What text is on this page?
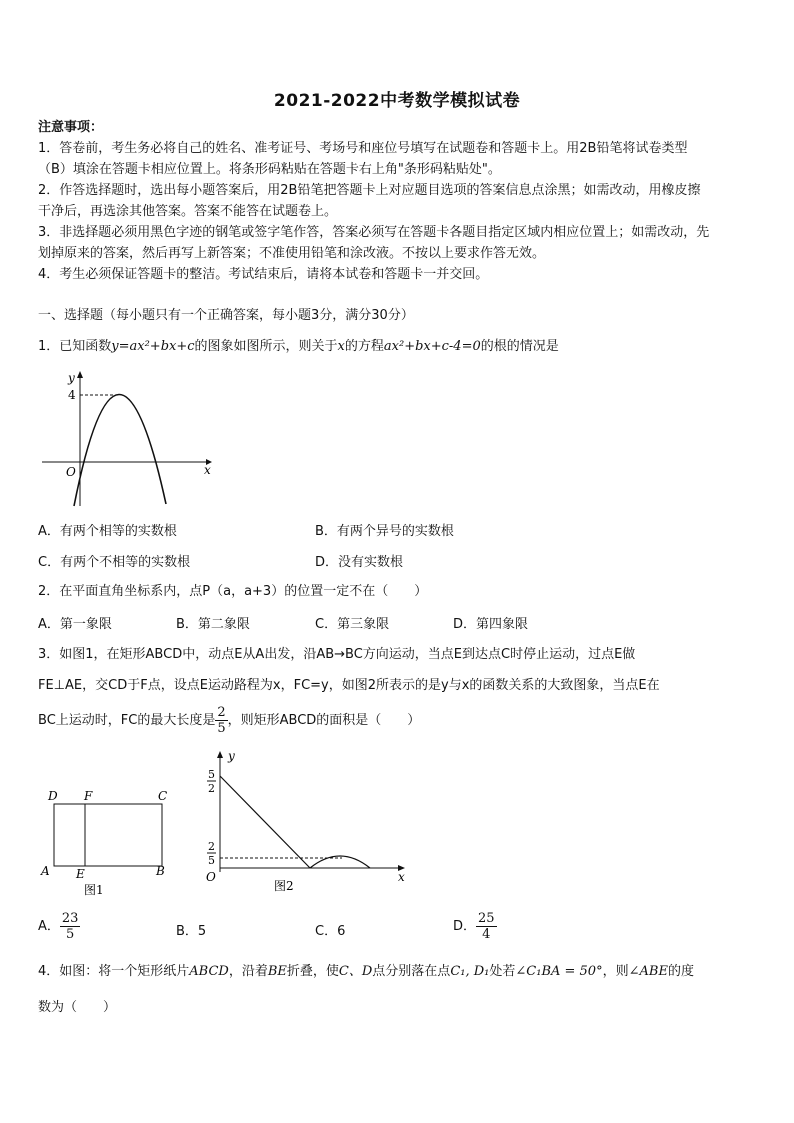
2021-2022中考数学模拟试卷
注意事项：
1．答卷前，考生务必将自己的姓名、准考证号、考场号和座位号填写在试题卷和答题卡上。用2B铅笔将试卷类型
（B）填涂在答题卡相应位置上。将条形码粘贴在答题卡右上角"条形码粘贴处"。
2．作答选择题时，选出每小题答案后，用2B铅笔把答题卡上对应题目选项的答案信息点涂黑；如需改动，用橡皮擦
干净后，再选涂其他答案。答案不能答在试题卷上。
3．非选择题必须用黑色字迹的钢笔或签字笔作答，答案必须写在答题卡各题目指定区域内相应位置上；如需改动，先
划掉原来的答案，然后再写上新答案；不准使用铅笔和涂改液。不按以上要求作答无效。
4．考生必须保证答题卡的整洁。考试结束后，请将本试卷和答题卡一并交回。
一、选择题（每小题只有一个正确答案，每小题3分，满分30分）
1．已知函数y=ax²+bx+c的图象如图所示，则关于x的方程ax²+bx+c-4=0的根的情况是
y
4
x
O
A．有两个相等的实数根	B．有两个异号的实数根
C．有两个不相等的实数根	D．没有实数根
2．在平面直角坐标系内，点P（a，a+3）的位置一定不在（　　）
A．第一象限	B．第二象限	C．第三象限	D．第四象限
3．如图1，在矩形ABCD中，动点E从A出发，沿AB→BC方向运动，当点E到达点C时停止运动，过点E做
FE⊥AE，交CD于F点，设点E运动路程为x，FC=y，如图2所表示的是y与x的函数关系的大致图象，当点E在
BC上运动时，FC的最大长度是 $\frac{2}{5}$ ，则矩形ABCD的面积是（　　）
D F	C
A E	B
图1
y
5
2
2
5
O	x
图2
A． $\frac{23}{5}$	B．5	C．6	D． $\frac{25}{4}$
4．如图：将一个矩形纸片ABCD，沿着BE折叠，使C、D点分别落在点C₁, D₁处若∠C₁BA = 50°，则∠ABE的度
数为（　　）
